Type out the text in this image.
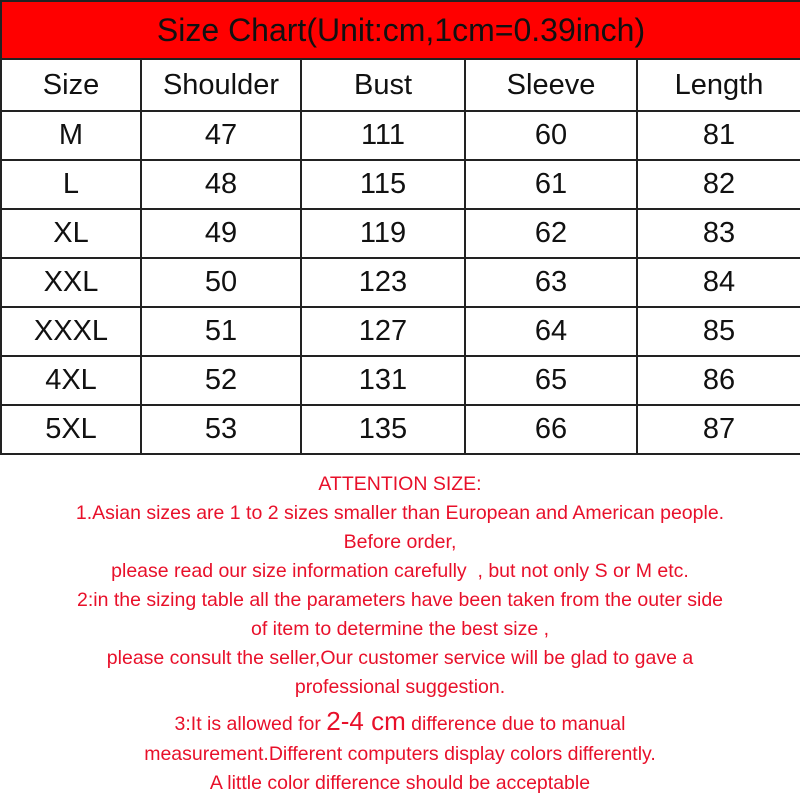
Size Chart(Unit:cm,1cm=0.39inch)				
Size	Shoulder	Bust	Sleeve	Length
M	47	111	60	81
L	48	115	61	82
XL	49	119	62	83
XXL	50	123	63	84
XXXL	51	127	64	85
4XL	52	131	65	86
5XL	53	135	66	87
ATTENTION SIZE:
1.Asian sizes are 1 to 2 sizes smaller than European and American people.
Before order,
please read our size information carefully  , but not only S or M etc.
2:in the sizing table all the parameters have been taken from the outer side
of item to determine the best size ,
please consult the seller,Our customer service will be glad to gave a
professional suggestion.
3:It is allowed for 2-4 cm difference due to manual
measurement.Different computers display colors differently.
A little color difference should be acceptable
